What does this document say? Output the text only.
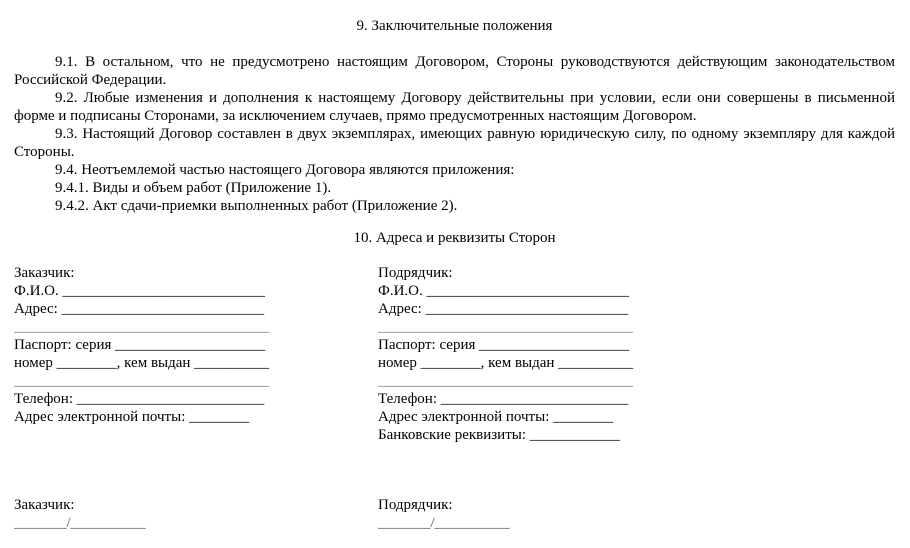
9. Заключительные положения

9.1. В остальном, что не предусмотрено настоящим Договором, Стороны руководствуются действующим законодательством Российской Федерации.

9.2. Любые изменения и дополнения к настоящему Договору действительны при условии, если они совершены в письменной форме и подписаны Сторонами, за исключением случаев, прямо предусмотренных настоящим Договором.

9.3. Настоящий Договор составлен в двух экземплярах, имеющих равную юридическую силу, по одному экземпляру для каждой Стороны.

9.4. Неотъемлемой частью настоящего Договора являются приложения:

9.4.1. Виды и объем работ (Приложение 1).

9.4.2. Акт сдачи-приемки выполненных работ (Приложение 2).

10. Адреса и реквизиты Сторон
Заказчик:
Ф.И.О. ___________________________
Адрес: ___________________________
__________________________________
Паспорт: серия ____________________
номер ________, кем выдан __________
__________________________________
Телефон: _________________________
Адрес электронной почты: ________
Подрядчик:
Ф.И.О. ___________________________
Адрес: ___________________________
__________________________________
Паспорт: серия ____________________
номер ________, кем выдан __________
__________________________________
Телефон: _________________________
Адрес электронной почты: ________
Банковские реквизиты: ____________
Заказчик:
_______/__________
Подрядчик:
_______/__________
